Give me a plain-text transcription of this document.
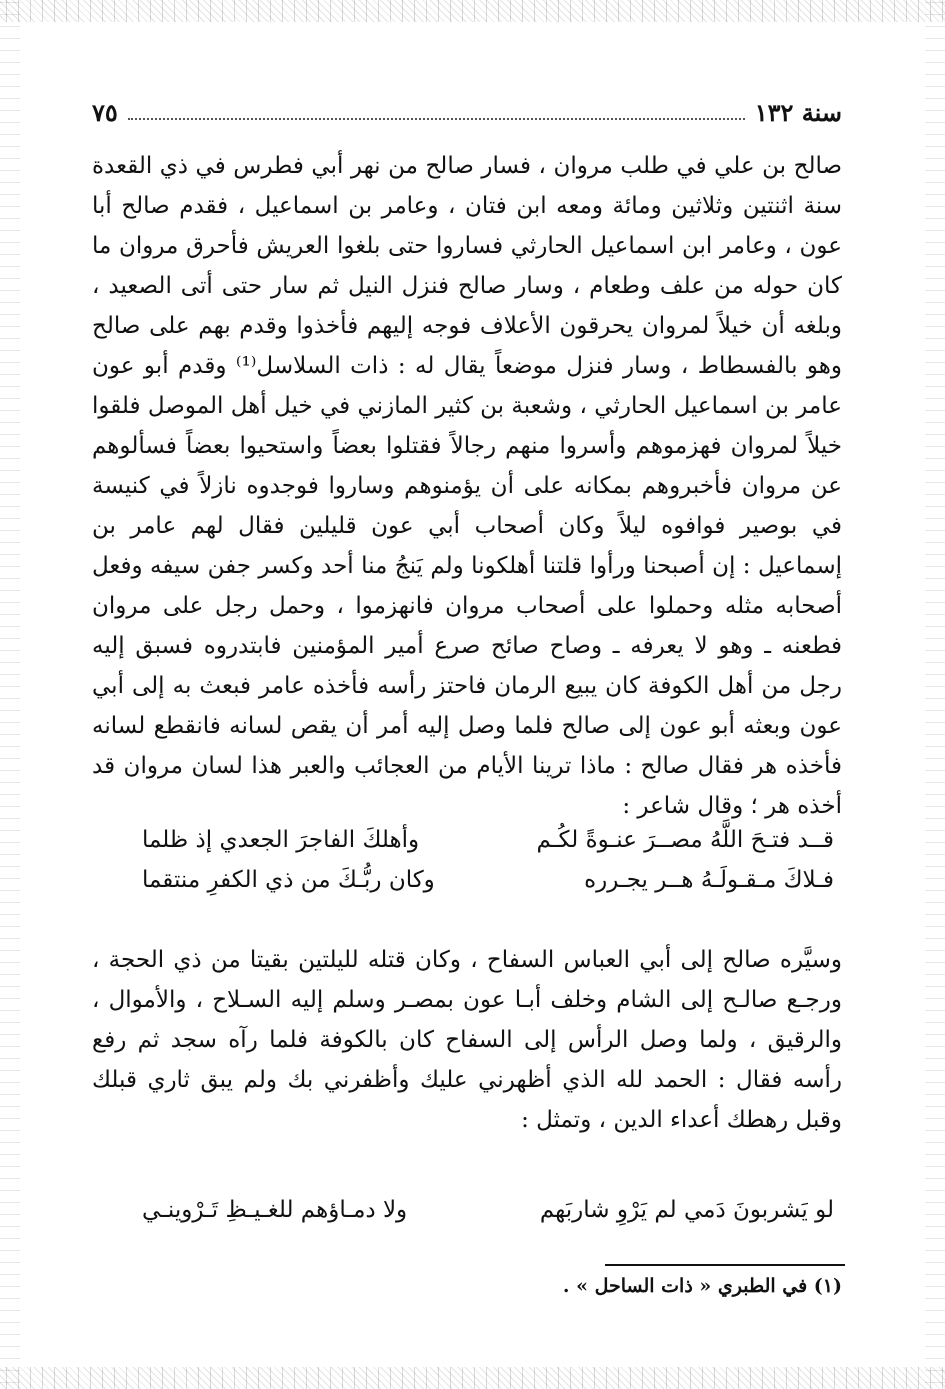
سنة ١٣٢
٧٥

صالح بن علي في طلب مروان ، فسار صالح من نهر أبي فطرس في ذي القعدة سنة اثنتين وثلاثين ومائة ومعه ابن فتان ، وعامر بن اسماعيل ، فقدم صالح أبا عون ، وعامر ابن اسماعيل الحارثي فساروا حتى بلغوا العريش فأحرق مروان ما كان حوله من علف وطعام ، وسار صالح فنزل النيل ثم سار حتى أتى الصعيد ، وبلغه أن خيلاً لمروان يحرقون الأعلاف فوجه إليهم فأخذوا وقدم بهم على صالح وهو بالفسطاط ، وسار فنزل موضعاً يقال له : ذات السلاسل⁽¹⁾ وقدم أبو عون عامر بن اسماعيل الحارثي ، وشعبة بن كثير المازني في خيل أهل الموصل فلقوا خيلاً لمروان فهزموهم وأسروا منهم رجالاً فقتلوا بعضاً واستحيوا بعضاً فسألوهم عن مروان فأخبروهم بمكانه على أن يؤمنوهم وساروا فوجدوه نازلاً في كنيسة في بوصير فوافوه ليلاً وكان أصحاب أبي عون قليلين فقال لهم عامر بن إسماعيل : إن أصبحنا ورأوا قلتنا أهلكونا ولم يَنجُ منا أحد وكسر جفن سيفه وفعل أصحابه مثله وحملوا على أصحاب مروان فانهزموا ، وحمل رجل على مروان فطعنه ـ وهو لا يعرفه ـ وصاح صائح صرع أمير المؤمنين فابتدروه فسبق إليه رجل من أهل الكوفة كان يبيع الرمان فاحتز رأسه فأخذه عامر فبعث به إلى أبي عون وبعثه أبو عون إلى صالح فلما وصل إليه أمر أن يقص لسانه فانقطع لسانه فأخذه هر فقال صالح : ماذا ترينا الأيام من العجائب والعبر هذا لسان مروان قد أخذه هر ؛ وقال شاعر :

قــد فتـحَ اللَّهُ مصــرَ عنـوةً لكُـم
وأهلكَ الفاجرَ الجعدي إذ ظلما
فـلاكَ مـقـولَـهُ هــر يجـرره
وكان ربُّـكَ من ذي الكفرِ منتقما

وسيَّره صالح إلى أبي العباس السفاح ، وكان قتله لليلتين بقيتا من ذي الحجة ، ورجـع صالـح إلى الشام وخلف أبـا عون بمصـر وسلم إليه السـلاح ، والأموال ، والرقيق ، ولما وصل الرأس إلى السفاح كان بالكوفة فلما رآه سجد ثم رفع رأسه فقال : الحمد لله الذي أظهرني عليك وأظفرني بك ولم يبق ثاري قبلك وقبل رهطك أعداء الدين ، وتمثل :

لو يَشربونَ دَمي لم يَرْوِ شاربَهم
ولا دمـاؤهم للغـيـظِ تَـرْوينـي
(١) في الطبري « ذات الساحل » .
